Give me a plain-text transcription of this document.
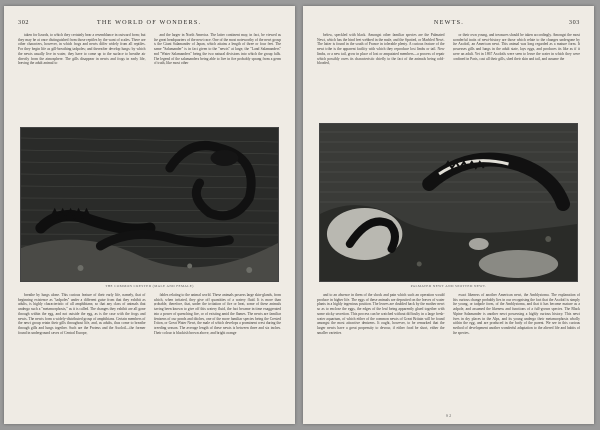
302	THE WORLD OF WONDERS.

taken for lizards, to which they certainly bear a resemblance in outward form; but they may be at once distinguished from those reptiles by the want of scales. There are other characters, however, in which frogs and newts differ widely from all reptiles. For they begin life as gill-breathing tadpoles; and thereafter develop lungs: by which the newts usually live in water, they have to come up to the surface to breathe air directly from the atmosphere. The gills disappear in newts and frogs in early life, leaving the adult animal to

and the larger in North America. The latter continent may, in fact, be viewed as the great headquarters of the newt race. One of the most noteworthy of the newt group is the Giant Salamander of Japan, which attains a length of three or four feet. The name "Salamander" is in fact given to the "newts" at large, the "Land Salamanders" and "Water Salamanders" being the two natural divisions into which the group falls. The legend of the salamanders being able to live in fire probably sprang from a germ of truth, like most other

THE COMMON CRESTED (MALE AND FEMALE)

breathe by lungs alone. This curious feature of their early life, namely, that of beginning existence as "tadpoles" under a different guise from that they exhibit as adults, is highly characteristic of all amphibians; so that any class of animals that undergo such a "metamorphosis," as it is called. The changes they exhibit are all gone through within the egg, and not outside the egg, as is the case with the frogs and newts. The newts form a widely-distributed group of amphibians. Certain members of the newt group retain their gills throughout life, and, as adults, thus come to breathe through gills and lungs together. Such are the Proteus and the Axolotl—the former found in underground caves of Central Europe,

fables relating to the animal world. These animals possess large skin-glands, from which, when irritated, they give off quantities of a watery fluid. It is more than probable, therefore, that, under the irritation of fire or heat, some of these animals having been known to give off this watery fluid, the fact became in time exaggerated into a power of quenching fire, or of existing amid the flames. The newts are familiar denizens of our ponds and ditches, one of the more familiar species being the Crested Triton, or Great Water Newt, the male of which develops a prominent crest during the breeding season. The average length of these newts is between three and six inches. Their colour is blackish brown above, and bright orange

NEWTS.	303

below, speckled with black. Amongst other familiar species are the Palmated Newt, which has the hind feet webbed in the male, and the Spotted, or Marbled Newt. The latter is found in the south of France in tolerable plenty. A curious feature of the newt tribe is the apparent facility with which they reproduce lost limbs or tail. New limbs, or a new tail, grow in place of lost or amputated members—a process of repair which possibly owes its characteristic chiefly to the fact of the animals being cold-blooded,

or their own young, and treasures should be taken accordingly. Amongst the most wonderful traits of newt-history are those which relate to the changes undergone by the Axolotl, an American newt. This animal was long regarded as a mature form. It possesses gills and lungs in the adult state, lays eggs, and produces its like as if it were an adult. Yet in 1867 Axolotls were seen to leave the water in which they were confined in Paris, cast all their gills, shed their skin and tail, and assume the

PALMATED NEWT AND SPOTTED NEWT.

and to an absence in them of the shock and pain which such an operation would produce in higher life. The eggs of these animals are deposited on the leaves of water plants in a highly ingenious position. The leaves are doubled back by the mother newt so as to enclose the eggs, the edges of the leaf being apparently glued together with some sticky secretion. This process can be watched without difficulty in a large fresh-water aquarium, of which either of the common newts of Great Britain will be found amongst the most attractive denizens. It ought, however, to be remarked that the larger newts have a great propensity to devour, if either food be short, either the smaller varieties

exact likeness of another American newt, the Amblystoma. The explanation of this curious change probably lies in our recognising the fact that the Axolotl is simply the young, or tadpole form, of the Amblystoma, and that it has become mature as a tadpole, and assumed the likeness and functions of a full-grown species. The Black Alpine Salamander is another newt possessing a highly curious history. This newt lives in dry places in the Alps, and its young undergo their metamorphosis wholly within the egg, and are produced in the body of the parent. We see in this curious method of development another wonderful adaptation to the altered life and habits of the species.

S 2
